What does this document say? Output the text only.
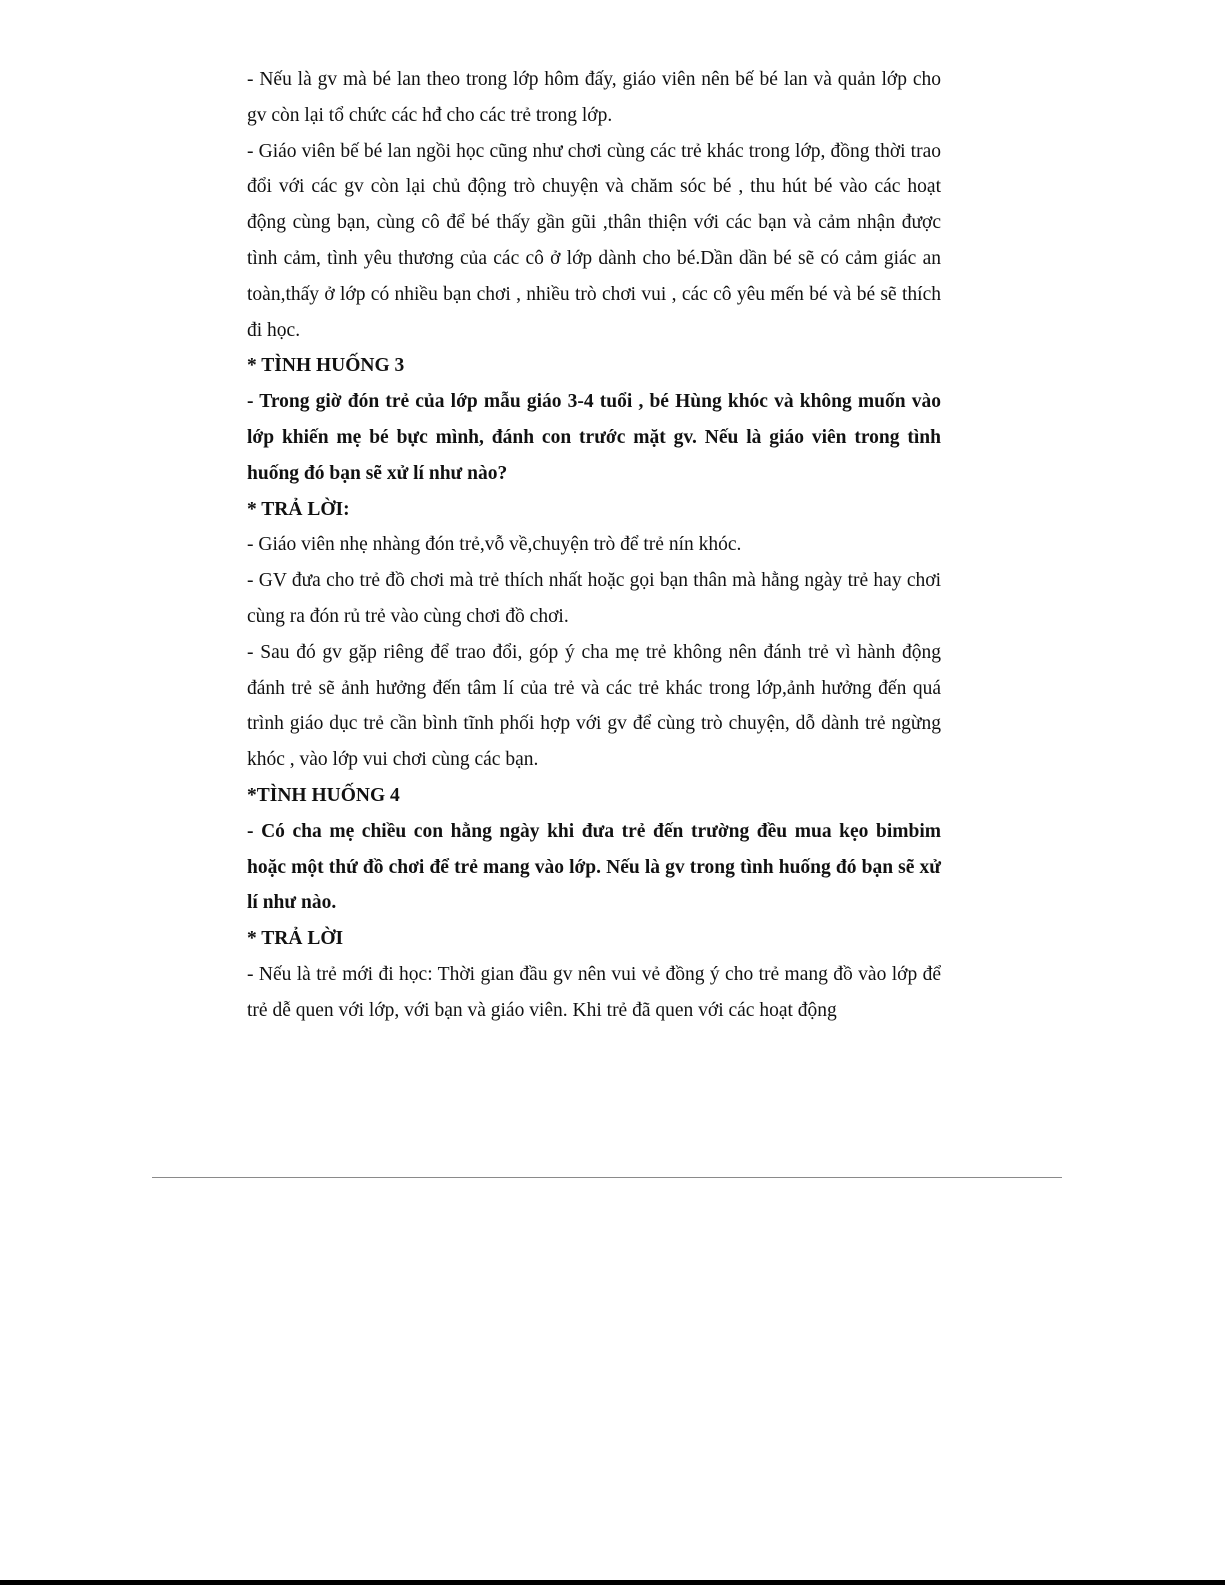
- Nếu là gv mà bé lan theo trong lớp hôm đấy, giáo viên nên bế bé lan và quản lớp cho gv còn lại tổ chức các hđ cho các trẻ trong lớp.

- Giáo viên bế bé lan ngồi học cũng như chơi cùng các trẻ khác trong lớp, đồng thời trao đổi với các gv còn lại chủ động trò chuyện và chăm sóc bé , thu hút bé vào các hoạt động cùng bạn, cùng cô để bé thấy gần gũi ,thân thiện với các bạn và cảm nhận được tình cảm, tình yêu thương của các cô ở lớp dành cho bé.Dần dần bé sẽ có cảm giác an toàn,thấy ở lớp có nhiều bạn chơi , nhiều trò chơi vui , các cô yêu mến bé và bé sẽ thích đi học.

* TÌNH HUỐNG 3

- Trong giờ đón trẻ của lớp mẫu giáo 3-4 tuổi , bé Hùng khóc và không muốn vào lớp khiến mẹ bé bực mình, đánh con trước mặt gv. Nếu là giáo viên trong tình huống đó bạn sẽ xử lí như nào?

* TRẢ LỜI:

- Giáo viên nhẹ nhàng đón trẻ,vỗ về,chuyện trò để trẻ nín khóc.

- GV đưa cho trẻ đồ chơi mà trẻ thích nhất hoặc gọi bạn thân mà hằng ngày trẻ hay chơi cùng ra đón rủ trẻ vào cùng chơi đồ chơi.

- Sau đó gv gặp riêng để trao đổi, góp ý cha mẹ trẻ không nên đánh trẻ vì hành động đánh trẻ sẽ ảnh hưởng đến tâm lí của trẻ và các trẻ khác trong lớp,ảnh hưởng đến quá trình giáo dục trẻ cần bình tĩnh phối hợp với gv để cùng trò chuyện, dỗ dành trẻ ngừng khóc , vào lớp vui chơi cùng các bạn.

*TÌNH HUỐNG 4

- Có cha mẹ chiều con hằng ngày khi đưa trẻ đến trường đều mua kẹo bimbim hoặc một thứ đồ chơi để trẻ mang vào lớp. Nếu là gv trong tình huống đó bạn sẽ xử lí như nào.

* TRẢ LỜI

- Nếu là trẻ mới đi học: Thời gian đầu gv nên vui vẻ đồng ý cho trẻ mang đồ vào lớp để trẻ dễ quen với lớp, với bạn và giáo viên. Khi trẻ đã quen với các hoạt động
